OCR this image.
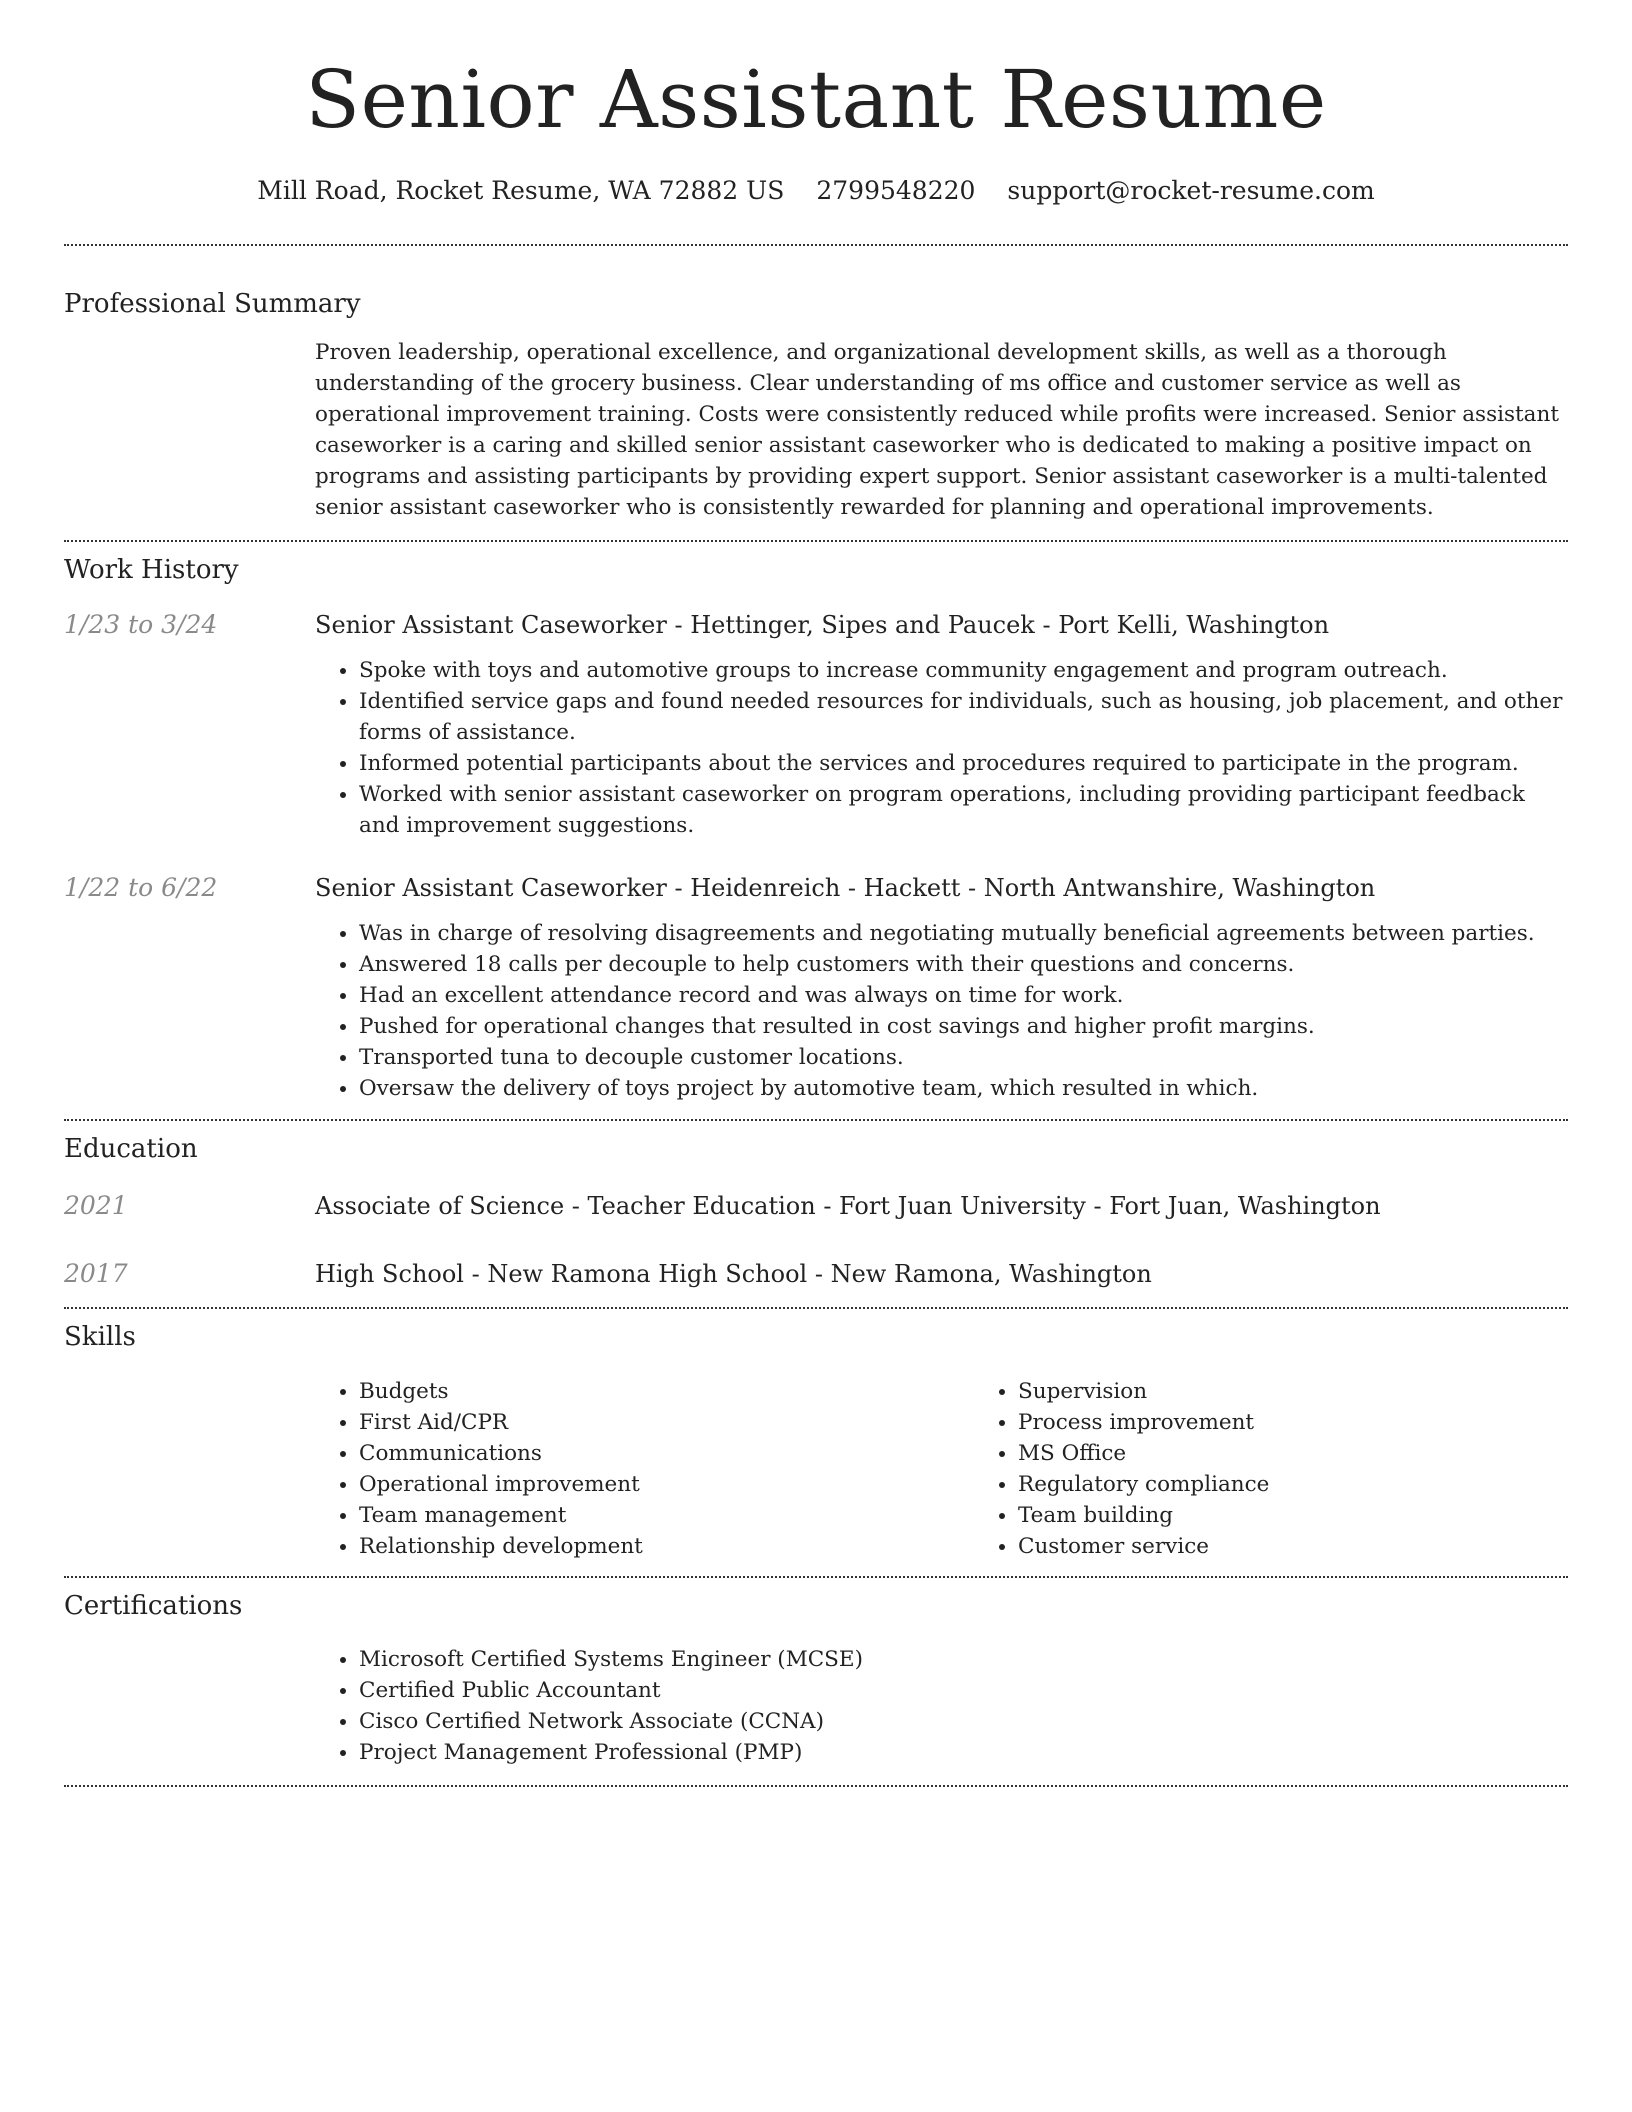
Senior Assistant Resume
Mill Road, Rocket Resume, WA 72882 US 2799548220 support@rocket-resume.com
Professional Summary

Proven leadership, operational excellence, and organizational development skills, as well as a thorough understanding of the grocery business. Clear understanding of ms office and customer service as well as operational improvement training. Costs were consistently reduced while profits were increased. Senior assistant caseworker is a caring and skilled senior assistant caseworker who is dedicated to making a positive impact on programs and assisting participants by providing expert support. Senior assistant caseworker is a multi-talented senior assistant caseworker who is consistently rewarded for planning and operational improvements.

Work History
1/23 to 3/24	Senior Assistant Caseworker - Hettinger, Sipes and Paucek - Port Kelli, Washington

• Spoke with toys and automotive groups to increase community engagement and program outreach.
• Identified service gaps and found needed resources for individuals, such as housing, job placement, and other forms of assistance.
• Informed potential participants about the services and procedures required to participate in the program.
• Worked with senior assistant caseworker on program operations, including providing participant feedback and improvement suggestions.
1/22 to 6/22	Senior Assistant Caseworker - Heidenreich - Hackett - North Antwanshire, Washington

• Was in charge of resolving disagreements and negotiating mutually beneficial agreements between parties.
• Answered 18 calls per decouple to help customers with their questions and concerns.
• Had an excellent attendance record and was always on time for work.
• Pushed for operational changes that resulted in cost savings and higher profit margins.
• Transported tuna to decouple customer locations.
• Oversaw the delivery of toys project by automotive team, which resulted in which.
Education
2021	Associate of Science - Teacher Education - Fort Juan University - Fort Juan, Washington

2017	High School - New Ramona High School - New Ramona, Washington

Skills
• Budgets
• First Aid/CPR
• Communications
• Operational improvement
• Team management
• Relationship development
• Supervision
• Process improvement
• MS Office
• Regulatory compliance
• Team building
• Customer service
Certifications
• Microsoft Certified Systems Engineer (MCSE)
• Certified Public Accountant
• Cisco Certified Network Associate (CCNA)
• Project Management Professional (PMP)
